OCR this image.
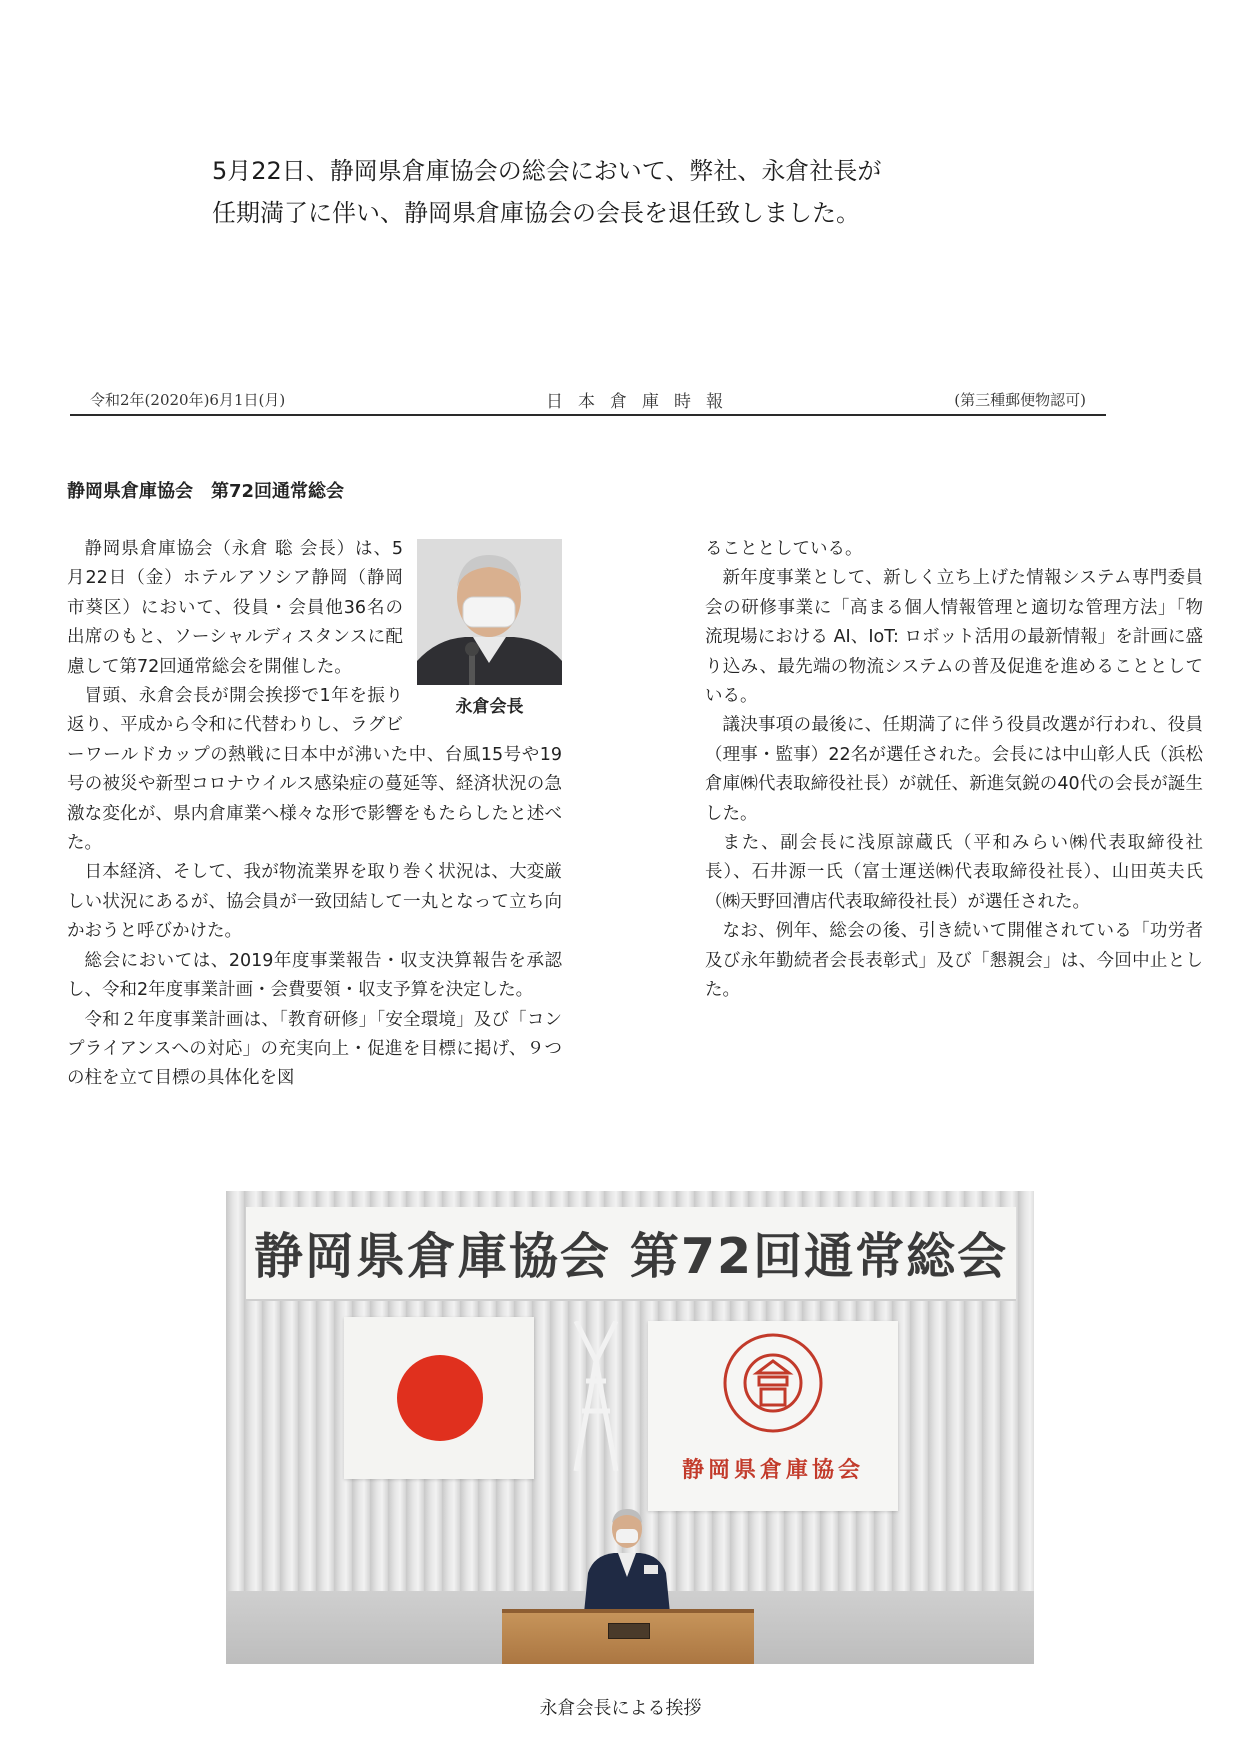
5月22日、静岡県倉庫協会の総会において、弊社、永倉社長が
任期満了に伴い、静岡県倉庫協会の会長を退任致しました。
令和2年(2020年)6月1日(月)	日本倉庫時報	(第三種郵便物認可)
静岡県倉庫協会　第72回通常総会
永倉会長

静岡県倉庫協会（永倉 聡 会長）は、5月22日（金）ホテルアソシア静岡（静岡市葵区）において、役員・会員他36名の出席のもと、ソーシャルディスタンスに配慮して第72回通常総会を開催した。

冒頭、永倉会長が開会挨拶で1年を振り返り、平成から令和に代替わりし、ラグビーワールドカップの熱戦に日本中が沸いた中、台風15号や19号の被災や新型コロナウイルス感染症の蔓延等、経済状況の急激な変化が、県内倉庫業へ様々な形で影響をもたらしたと述べた。

日本経済、そして、我が物流業界を取り巻く状況は、大変厳しい状況にあるが、協会員が一致団結して一丸となって立ち向かおうと呼びかけた。

総会においては、2019年度事業報告・収支決算報告を承認し、令和2年度事業計画・会費要領・収支予算を決定した。

令和２年度事業計画は、「教育研修」「安全環境」及び「コンプライアンスへの対応」の充実向上・促進を目標に掲げ、９つの柱を立て目標の具体化を図

ることとしている。

新年度事業として、新しく立ち上げた情報システム専門委員会の研修事業に「高まる個人情報管理と適切な管理方法」「物流現場における AI、IoT: ロボット活用の最新情報」を計画に盛り込み、最先端の物流システムの普及促進を進めることとしている。

議決事項の最後に、任期満了に伴う役員改選が行われ、役員（理事・監事）22名が選任された。会長には中山彰人氏（浜松倉庫㈱代表取締役社長）が就任、新進気鋭の40代の会長が誕生した。

また、副会長に浅原諒蔵氏（平和みらい㈱代表取締役社長）、石井源一氏（富士運送㈱代表取締役社長）、山田英夫氏（㈱天野回漕店代表取締役社長）が選任された。

なお、例年、総会の後、引き続いて開催されている「功労者及び永年勤続者会長表彰式」及び「懇親会」は、今回中止とした。

静岡県倉庫協会 第72回通常総会
静岡県倉庫協会

永倉会長による挨拶
